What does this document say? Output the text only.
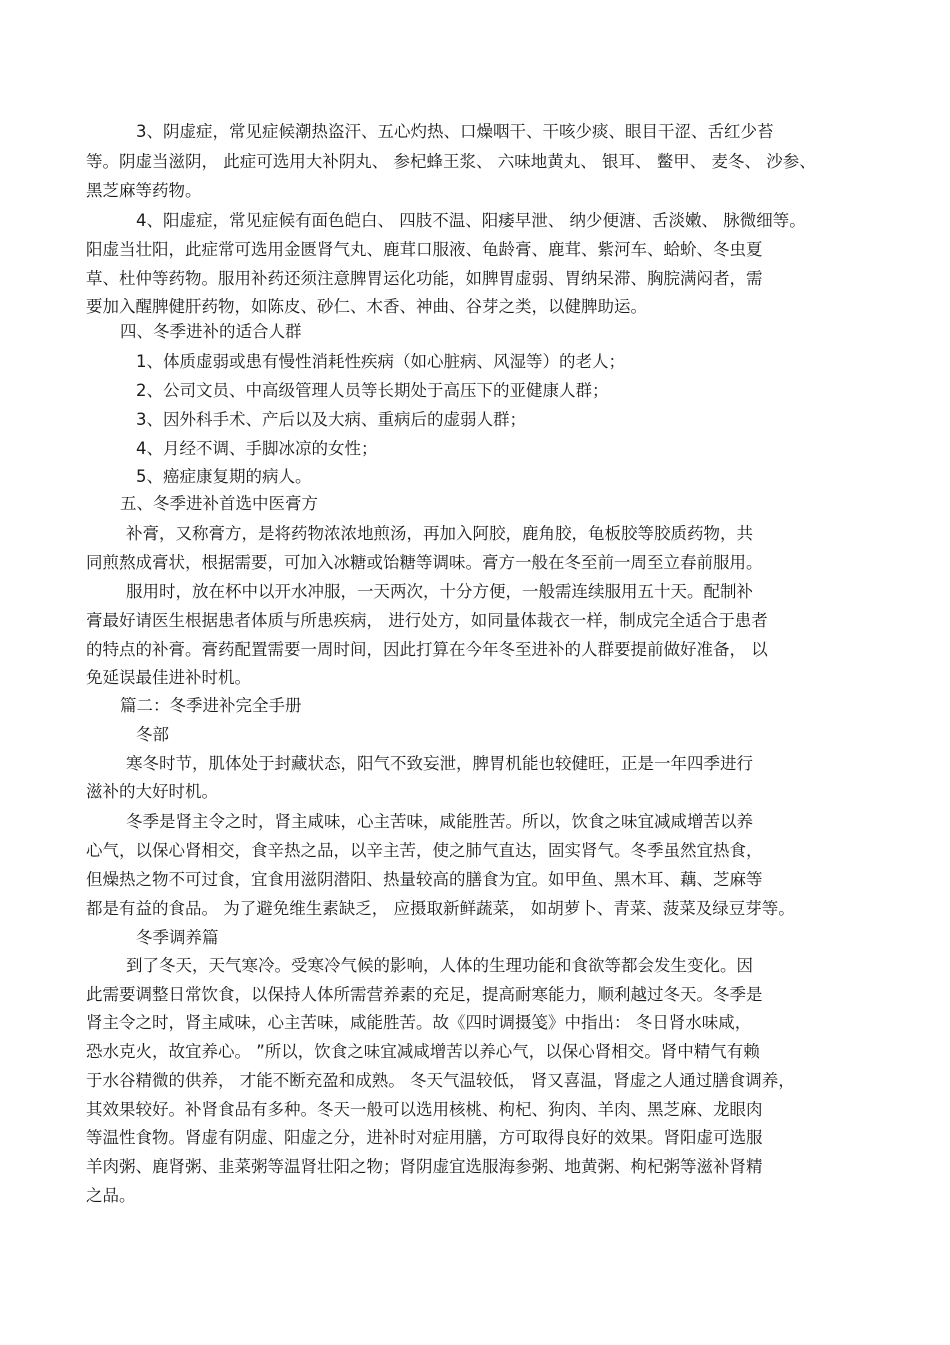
3、阴虚症，常见症候潮热盗汗、五心灼热、口燥咽干、干咳少痰、眼目干涩、舌红少苔
等。阴虚当滋阴， 此症可选用大补阴丸、 参杞蜂王浆、 六味地黄丸、 银耳、 鳖甲、 麦冬、 沙参、
黑芝麻等药物。
4、阳虚症，常见症候有面色皑白、 四肢不温、阳痿早泄、 纳少便溏、舌淡嫩、 脉微细等。
阳虚当壮阳，此症常可选用金匮肾气丸、鹿茸口服液、龟龄膏、鹿茸、紫河车、蛤蚧、冬虫夏
草、杜仲等药物。服用补药还须注意脾胃运化功能，如脾胃虚弱、胃纳呆滞、胸脘满闷者，需
要加入醒脾健肝药物，如陈皮、砂仁、木香、神曲、谷芽之类，以健脾助运。
四、冬季进补的适合人群
1、体质虚弱或患有慢性消耗性疾病（如心脏病、风湿等）的老人；
2、公司文员、中高级管理人员等长期处于高压下的亚健康人群；
3、因外科手术、产后以及大病、重病后的虚弱人群；
4、月经不调、手脚冰凉的女性；
5、癌症康复期的病人。
五、冬季进补首选中医膏方
补膏，又称膏方，是将药物浓浓地煎汤，再加入阿胶，鹿角胶，龟板胶等胶质药物，共
同煎熬成膏状，根据需要，可加入冰糖或饴糖等调味。膏方一般在冬至前一周至立春前服用。
服用时，放在杯中以开水冲服，一天两次，十分方便，一般需连续服用五十天。配制补
膏最好请医生根据患者体质与所患疾病， 进行处方，如同量体裁衣一样，制成完全适合于患者
的特点的补膏。膏药配置需要一周时间，因此打算在今年冬至进补的人群要提前做好准备， 以
免延误最佳进补时机。
篇二：冬季进补完全手册
冬部
寒冬时节，肌体处于封藏状态，阳气不致妄泄，脾胃机能也较健旺，正是一年四季进行
滋补的大好时机。
冬季是肾主令之时，肾主咸味，心主苦味，咸能胜苦。所以，饮食之味宜减咸增苦以养
心气，以保心肾相交，食辛热之品，以辛主苦，使之肺气直达，固实肾气。冬季虽然宜热食，
但燥热之物不可过食，宜食用滋阴潜阳、热量较高的膳食为宜。如甲鱼、黑木耳、藕、芝麻等
都是有益的食品。 为了避免维生素缺乏， 应摄取新鲜蔬菜， 如胡萝卜、青菜、菠菜及绿豆芽等。
冬季调养篇
到了冬天，天气寒冷。受寒冷气候的影响，人体的生理功能和食欲等都会发生变化。因
此需要调整日常饮食，以保持人体所需营养素的充足，提高耐寒能力，顺利越过冬天。冬季是
肾主令之时，肾主咸味，心主苦味，咸能胜苦。故《四时调摄笺》中指出： 冬日肾水味咸，
恐水克火，故宜养心。 ”所以，饮食之味宜减咸增苦以养心气，以保心肾相交。肾中精气有赖
于水谷精微的供养， 才能不断充盈和成熟。 冬天气温较低， 肾又喜温，肾虚之人通过膳食调养，
其效果较好。补肾食品有多种。冬天一般可以选用核桃、枸杞、狗肉、羊肉、黑芝麻、龙眼肉
等温性食物。肾虚有阴虚、阳虚之分，进补时对症用膳，方可取得良好的效果。肾阳虚可选服
羊肉粥、鹿肾粥、韭菜粥等温肾壮阳之物；肾阴虚宜选服海参粥、地黄粥、枸杞粥等滋补肾精
之品。
